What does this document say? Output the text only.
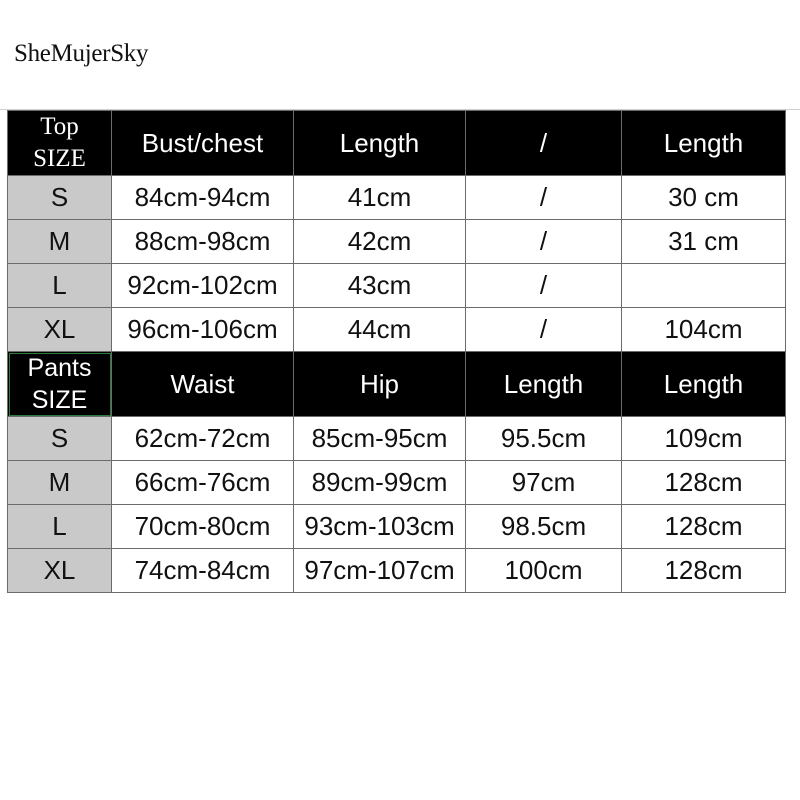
SheMujerSky
Top
SIZE	Bust/chest	Length	/	Length
S	84cm-94cm	41cm	/	30 cm
M	88cm-98cm	42cm	/	31 cm
L	92cm-102cm	43cm	/	
XL	96cm-106cm	44cm	/	104cm
Pants
SIZE	Waist	Hip	Length	Length
S	62cm-72cm	85cm-95cm	95.5cm	109cm
M	66cm-76cm	89cm-99cm	97cm	128cm
L	70cm-80cm	93cm-103cm	98.5cm	128cm
XL	74cm-84cm	97cm-107cm	100cm	128cm
